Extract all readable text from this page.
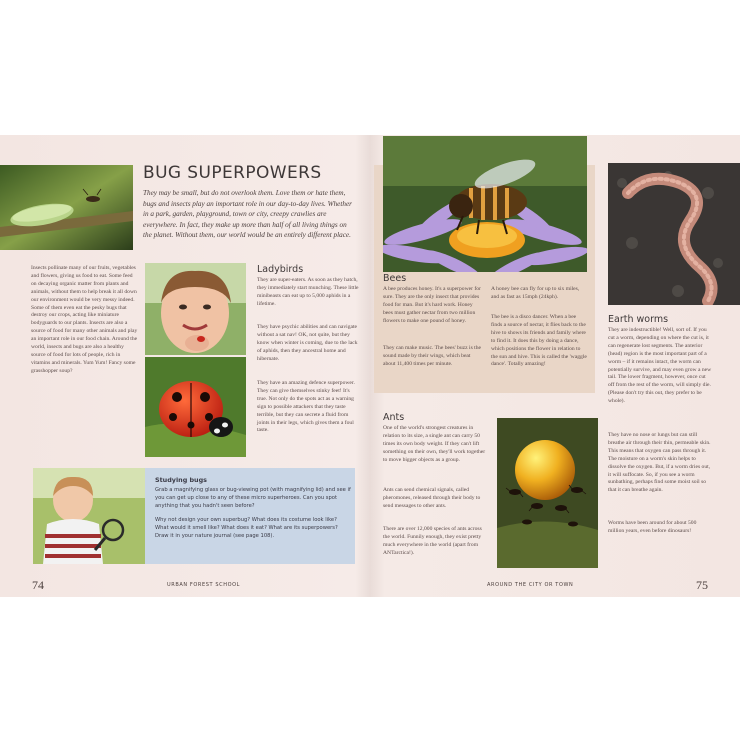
BUG SUPERPOWERS
They may be small, but do not overlook them. Love them or hate them, bugs and insects play an important role in our day-to-day lives. Whether in a park, garden, playground, town or city, creepy crawlies are everywhere. In fact, they make up more than half of all living things on the planet. Without them, our world would be an entirely different place.
Insects pollinate many of our fruits, vegetables and flowers, giving us food to eat. Some feed on decaying organic matter from plants and animals, without them to help break it all down our environment would be very messy indeed. Some of them even eat the pesky bugs that destroy our crops, acting like miniature bodyguards to our plants. Insects are also a source of food for many other animals and play an important role in our food chain. Around the world, insects and bugs are also a healthy source of food for lots of people, rich in vitamins and minerals. Yum Yum! Fancy some grasshopper soup?
Ladybirds
They are super-eaters. As soon as they hatch, they immediately start munching. These little minibeasts can eat up to 5,000 aphids in a lifetime.
They have psychic abilities and can navigate without a sat nav! OK, not quite, but they know when winter is coming, due to the lack of aphids, then they ancestral home and hibernate.
They have an amazing defence superpower. They can give themselves stinky feet! It's true. Not only do the spots act as a warning sign to possible attackers that they taste terrible, but they can secrete a fluid from joints in their legs, which gives them a foul taste.
Studying bugs
Grab a magnifying glass or bug-viewing pot (with magnifying lid) and see if you can get up close to any of these micro superheroes. Can you spot anything that you hadn't seen before?
Why not design your own superbug? What does its costume look like? What would it smell like? What does it eat? What are its superpowers? Draw it in your nature journal (see page 108).
74	URBAN FOREST SCHOOL
Bees
A bee produces honey. It's a superpower for sure. They are the only insect that provides food for man. But it's hard work. Honey bees must gather nectar from two million flowers to make one pound of honey.
They can make music. The bees' buzz is the sound made by their wings, which beat about 11,400 times per minute.
A honey bee can fly for up to six miles, and as fast as 15mph (24kph).
The bee is a disco dancer. When a bee finds a source of nectar, it flies back to the hive to shows its friends and family where to find it. It does this by doing a dance, which positions the flower in relation to the sun and hive. This is called the 'waggle dance'. Totally amazing!
Earth worms
They are indestructible! Well, sort of. If you cut a worm, depending on where the cut is, it can regenerate lost segments. The anterior (head) region is the most important part of a worm – if it remains intact, the worm can potentially survive, and may even grow a new tail. The lower fragment, however, once cut off from the rest of the worm, will simply die. (Please don't try this out, they prefer to be whole).
They have no nose or lungs but can still breathe air through their thin, permeable skin. This means that oxygen can pass through it. The moisture on a worm's skin helps to dissolve the oxygen. But, if a worm dries out, it will suffocate. So, if you see a worm sunbathing, perhaps find some moist soil so that it can breathe again.
Worms have been around for about 500 million years, even before dinosaurs!
Ants
One of the world's strongest creatures in relation to its size, a single ant can carry 50 times its own body weight. If they can't lift something on their own, they'll work together to move bigger objects as a group.
Ants can send chemical signals, called pheromones, released through their body to send messages to other ants.
There are over 12,000 species of ants across the world. Funnily enough, they exist pretty much everywhere in the world (apart from ANTarctica!).
AROUND THE CITY OR TOWN	75
